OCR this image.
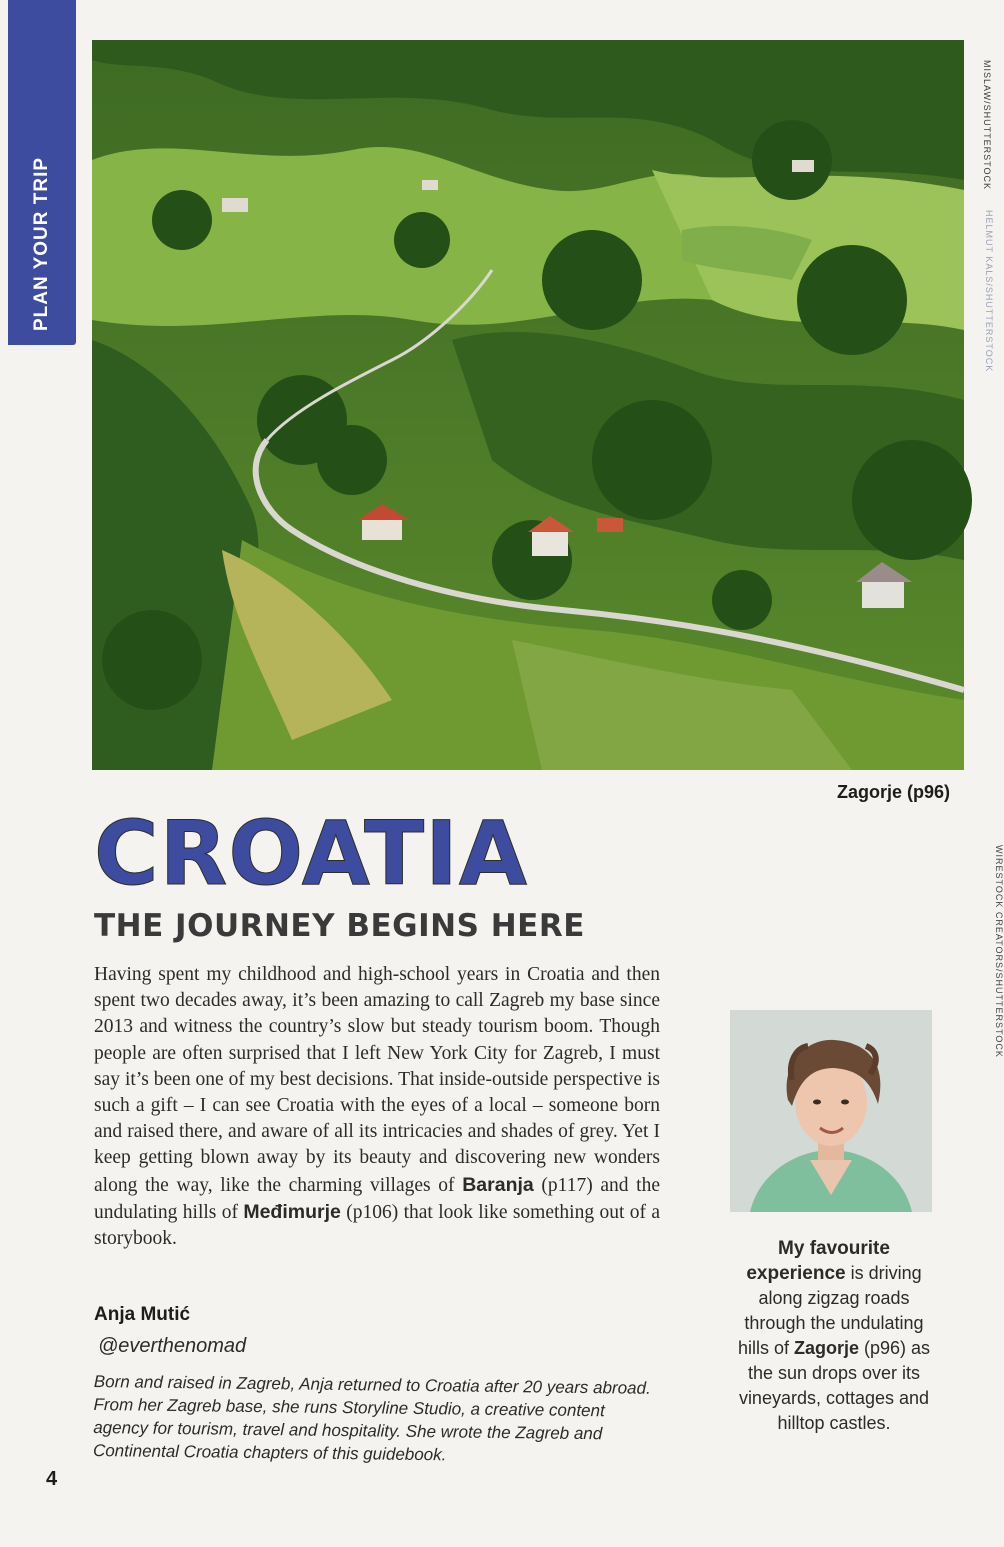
PLAN YOUR TRIP
MISLAW/SHUTTERSTOCK
HELMUT KALS/SHUTTERSTOCK
WIRESTOCK CREATORS/SHUTTERSTOCK
Zagorje (p96)
CROATIA
THE JOURNEY BEGINS HERE

Having spent my childhood and high-school years in Croatia and then spent two decades away, it’s been amazing to call Zagreb my base since 2013 and witness the country’s slow but steady tourism boom. Though people are often surprised that I left New York City for Zagreb, I must say it’s been one of my best decisions. That inside-outside perspective is such a gift – I can see Croatia with the eyes of a local – someone born and raised there, and aware of all its intricacies and shades of grey. Yet I keep getting blown away by its beauty and discovering new wonders along the way, like the charming villages of Baranja (p117) and the undulating hills of Međimurje (p106) that look like something out of a storybook.

Anja Mutić
@everthenomad

Born and raised in Zagreb, Anja returned to Croatia after 20 years abroad. From her Zagreb base, she runs Storyline Studio, a creative content agency for tourism, travel and hospitality. She wrote the Zagreb and Continental Croatia chapters of this guidebook.

My favourite experience is driving along zigzag roads through the undulating hills of Zagorje (p96) as the sun drops over its vineyards, cottages and hilltop castles.
4
